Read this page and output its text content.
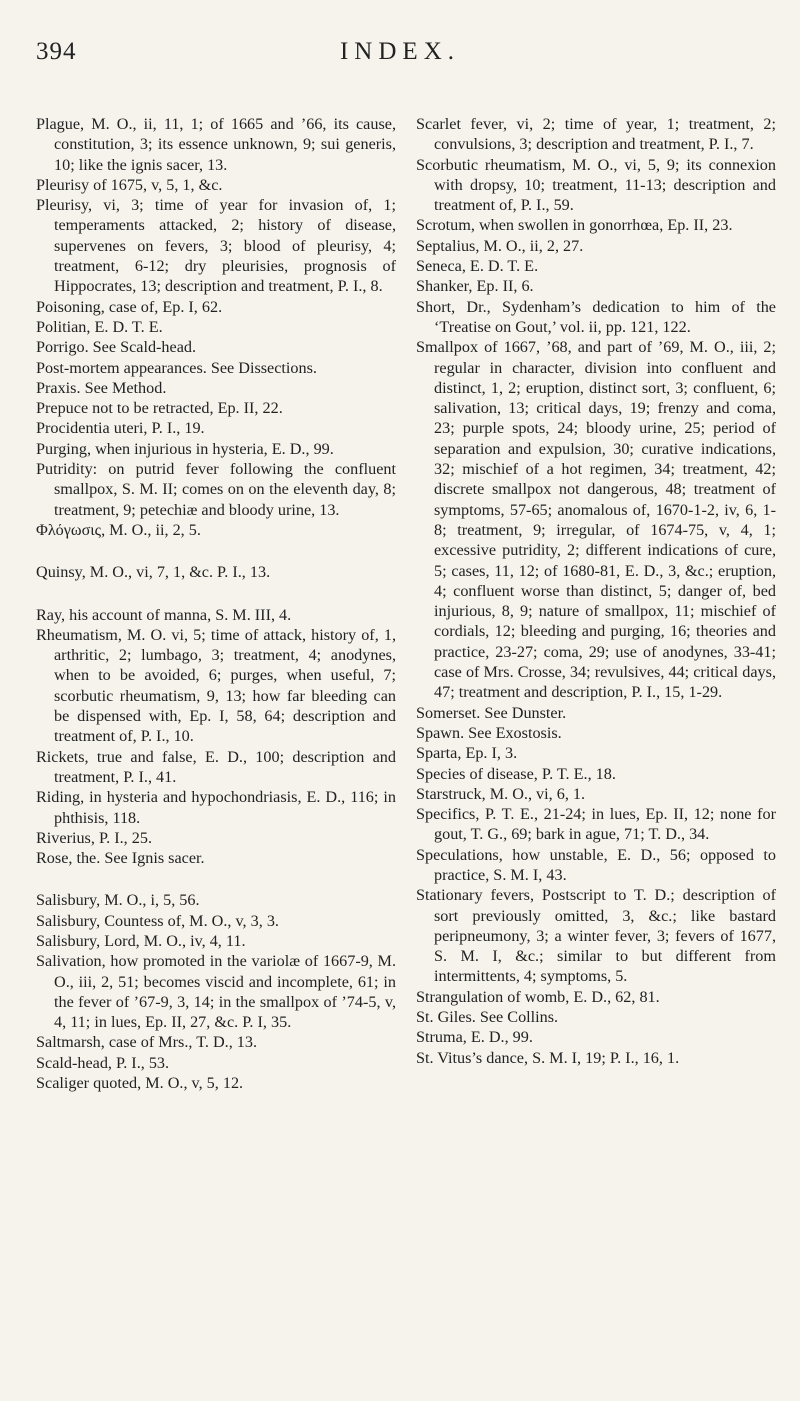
394	INDEX.

Plague, M. O., ii, 11, 1; of 1665 and ’66, its cause, constitution, 3; its essence unknown, 9; sui generis, 10; like the ignis sacer, 13.

Pleurisy of 1675, v, 5, 1, &c.

Pleurisy, vi, 3; time of year for invasion of, 1; temperaments attacked, 2; history of disease, supervenes on fevers, 3; blood of pleurisy, 4; treatment, 6-12; dry pleurisies, prognosis of Hippocrates, 13; description and treatment, P. I., 8.

Poisoning, case of, Ep. I, 62.

Politian, E. D. T. E.

Porrigo. See Scald-head.

Post-mortem appearances. See Dissections.

Praxis. See Method.

Prepuce not to be retracted, Ep. II, 22.

Procidentia uteri, P. I., 19.

Purging, when injurious in hysteria, E. D., 99.

Putridity: on putrid fever following the confluent smallpox, S. M. II; comes on on the eleventh day, 8; treatment, 9; petechiæ and bloody urine, 13.

Φλόγωσις, M. O., ii, 2, 5.

Quinsy, M. O., vi, 7, 1, &c. P. I., 13.

Ray, his account of manna, S. M. III, 4.

Rheumatism, M. O. vi, 5; time of attack, history of, 1, arthritic, 2; lumbago, 3; treatment, 4; anodynes, when to be avoided, 6; purges, when useful, 7; scorbutic rheumatism, 9, 13; how far bleeding can be dispensed with, Ep. I, 58, 64; description and treatment of, P. I., 10.

Rickets, true and false, E. D., 100; description and treatment, P. I., 41.

Riding, in hysteria and hypochondriasis, E. D., 116; in phthisis, 118.

Riverius, P. I., 25.

Rose, the. See Ignis sacer.

Salisbury, M. O., i, 5, 56.

Salisbury, Countess of, M. O., v, 3, 3.

Salisbury, Lord, M. O., iv, 4, 11.

Salivation, how promoted in the variolæ of 1667-9, M. O., iii, 2, 51; becomes viscid and incomplete, 61; in the fever of ’67-9, 3, 14; in the smallpox of ’74-5, v, 4, 11; in lues, Ep. II, 27, &c. P. I, 35.

Saltmarsh, case of Mrs., T. D., 13.

Scald-head, P. I., 53.

Scaliger quoted, M. O., v, 5, 12.

Scarlet fever, vi, 2; time of year, 1; treatment, 2; convulsions, 3; description and treatment, P. I., 7.

Scorbutic rheumatism, M. O., vi, 5, 9; its connexion with dropsy, 10; treatment, 11-13; description and treatment of, P. I., 59.

Scrotum, when swollen in gonorrhœa, Ep. II, 23.

Septalius, M. O., ii, 2, 27.

Seneca, E. D. T. E.

Shanker, Ep. II, 6.

Short, Dr., Sydenham’s dedication to him of the ‘Treatise on Gout,’ vol. ii, pp. 121, 122.

Smallpox of 1667, ’68, and part of ’69, M. O., iii, 2; regular in character, division into confluent and distinct, 1, 2; eruption, distinct sort, 3; confluent, 6; salivation, 13; critical days, 19; frenzy and coma, 23; purple spots, 24; bloody urine, 25; period of separation and expulsion, 30; curative indications, 32; mischief of a hot regimen, 34; treatment, 42; discrete smallpox not dangerous, 48; treatment of symptoms, 57-65; anomalous of, 1670-1-2, iv, 6, 1-8; treatment, 9; irregular, of 1674-75, v, 4, 1; excessive putridity, 2; different indications of cure, 5; cases, 11, 12; of 1680-81, E. D., 3, &c.; eruption, 4; confluent worse than distinct, 5; danger of, bed injurious, 8, 9; nature of smallpox, 11; mischief of cordials, 12; bleeding and purging, 16; theories and practice, 23-27; coma, 29; use of anodynes, 33-41; case of Mrs. Crosse, 34; revulsives, 44; critical days, 47; treatment and description, P. I., 15, 1-29.

Somerset. See Dunster.

Spawn. See Exostosis.

Sparta, Ep. I, 3.

Species of disease, P. T. E., 18.

Starstruck, M. O., vi, 6, 1.

Specifics, P. T. E., 21-24; in lues, Ep. II, 12; none for gout, T. G., 69; bark in ague, 71; T. D., 34.

Speculations, how unstable, E. D., 56; opposed to practice, S. M. I, 43.

Stationary fevers, Postscript to T. D.; description of sort previously omitted, 3, &c.; like bastard peripneumony, 3; a winter fever, 3; fevers of 1677, S. M. I, &c.; similar to but different from intermittents, 4; symptoms, 5.

Strangulation of womb, E. D., 62, 81.

St. Giles. See Collins.

Struma, E. D., 99.

St. Vitus’s dance, S. M. I, 19; P. I., 16, 1.
